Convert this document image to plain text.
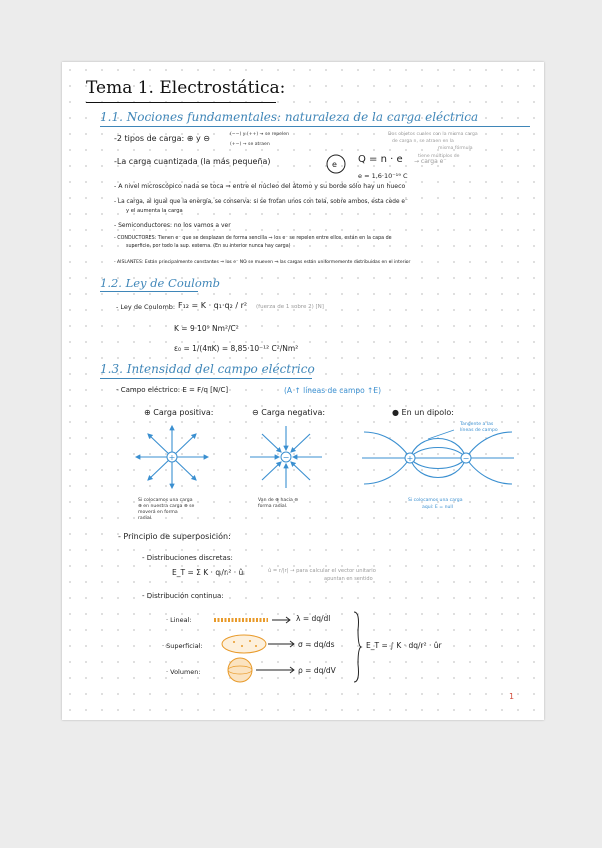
Tema 1. Electrostática:
1.1. Nociones fundamentales: naturaleza de la carga eléctrica
-2 tipos de carga: ⊕ y ⊖	(−−) y (++) → se repelen
(+−) → se atraen
Dos objetos cuales con la misma carga
de carga n, se atraen en la
misma fórmula
tiene múltiplos de
-La carga cuantizada (la más pequeña)	e Q = n · e → carga e⁻
e = 1,6·10⁻¹⁹ C
- A nivel microscópico nada se toca ⇒ entre el núcleo del átomo y su borde sólo hay un hueco
- La carga, al igual que la energía, se conserva: si se frotan unos con tela, sobre ambos, esta cede e⁻
y el aumenta la carga
- Semiconductores: no los vamos a ver
- CONDUCTORES: Tienen e⁻ que se desplazan de forma sencilla ⇒ los e⁻ se repelen entre ellos, están en la capa de
superficie, por todo la sup. externa. (En su interior nunca hay carga)
- AISLANTES: Están principalmente constantes ⇒ los e⁻ NO se mueven ⇒ las cargas están uniformemente distribuidas en el interior
1.2. Ley de Coulomb
- Ley de Coulomb: F₁₂ = K · q₁·q₂ / r² (fuerza de 1 sobre 2) [N]
K = 9·10⁹ Nm²/C²
ε₀ = 1/(4πK) = 8,85·10⁻¹² C²/Nm²
1.3. Intensidad del campo eléctrico
- Campo eléctrico: E = F/q [N/C]	(A ↑ líneas de campo ↑E)
⊕ Carga positiva:	⊖ Carga negativa:	● En un dipolo:
+
Si colocamos una carga
⊕ en nuestra carga ⊕ se
moverá en forma
radial.
−
Van de ⊕ hacia ⊖
forma radial.
+	−
Tangente a las
líneas de campo
Si colocamos una carga
aquí: E = null
- Principio de superposición:
- Distribuciones discretas:
E_T = Σ K · qᵢ/rᵢ² · ûᵢ	û = r/|r| → para calcular el vector unitario
apuntan en sentido
- Distribución continua:
· Lineal:	λ = dq/dl
· Superficial:	σ = dq/ds
· Volumen:	ρ = dq/dV
E_T = ∫ K · dq/r² · ûr
1
